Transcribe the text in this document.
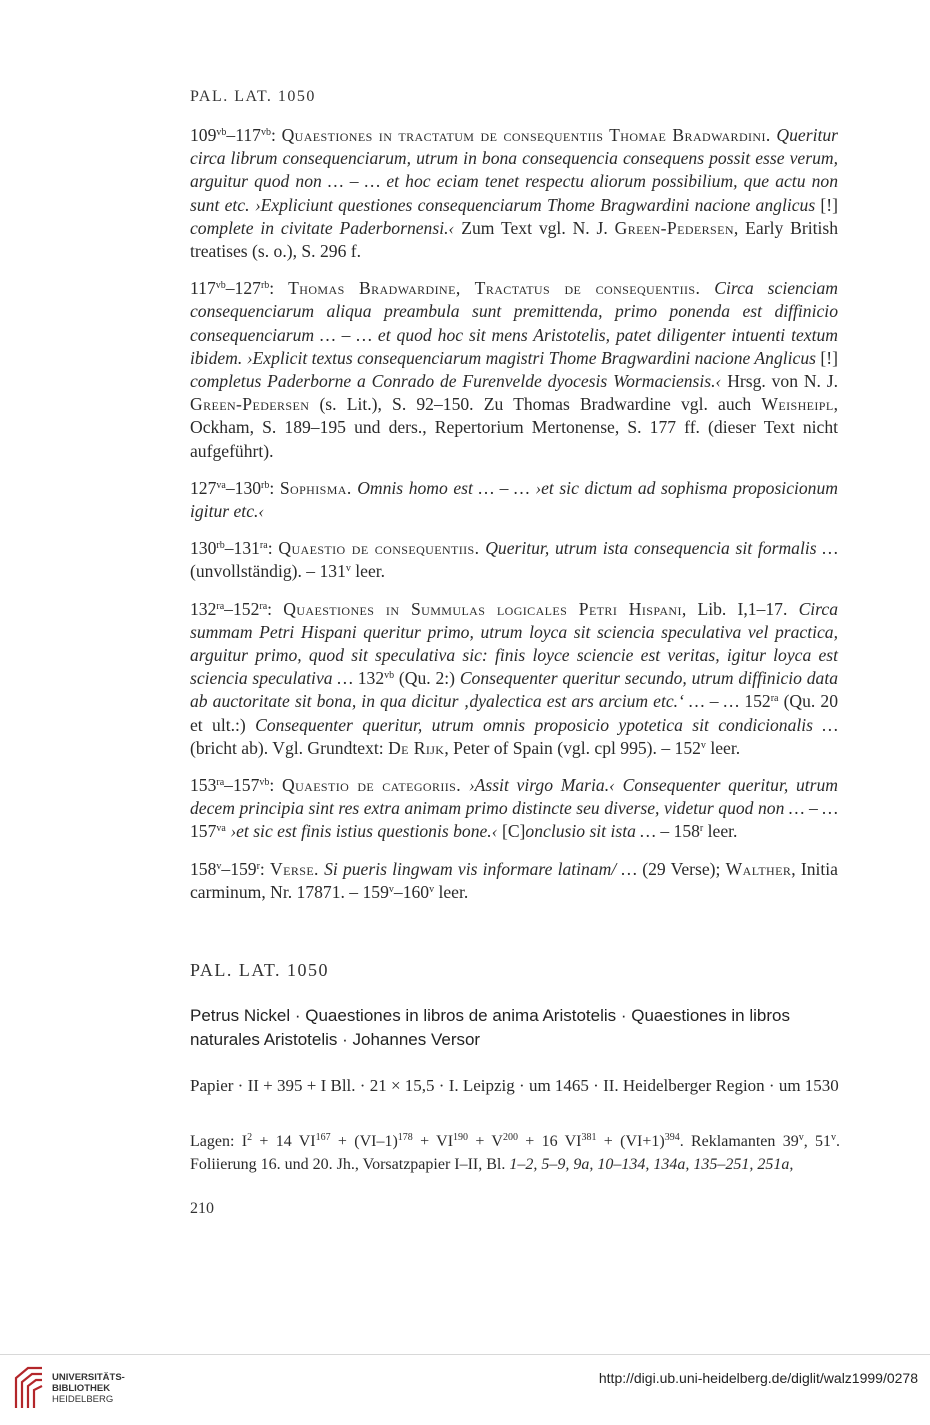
PAL. LAT. 1050

$109^{vb}-117^{vb}$: Quaestiones in tractatum de consequentiis Thomae Bradwardini. Queritur circa librum consequenciarum, utrum in bona consequencia consequens possit esse verum, arguitur quod non … – … et hoc eciam tenet respectu aliorum possibilium, que actu non sunt etc. ›Expliciunt questiones consequenciarum Thome Bragwardini nacione anglicus [!] complete in civitate Paderbornensi.‹ Zum Text vgl. N. J. Green-Pedersen, Early British treatises (s. o.), S. 296 f.

$117^{vb}-127^{rb}$: Thomas Bradwardine, Tractatus de consequentiis. Circa scienciam consequenciarum aliqua preambula sunt premittenda, primo ponenda est diffinicio consequenciarum … – … et quod hoc sit mens Aristotelis, patet diligenter intuenti textum ibidem. ›Explicit textus consequenciarum magistri Thome Bragwardini nacione Anglicus [!] completus Paderborne a Conrado de Furenvelde dyocesis Wormaciensis.‹ Hrsg. von N. J. Green-Pedersen (s. Lit.), S. 92–150. Zu Thomas Bradwardine vgl. auch Weisheipl, Ockham, S. 189–195 und ders., Repertorium Mertonense, S. 177 ff. (dieser Text nicht aufgeführt).

$127^{va}-130^{rb}$: Sophisma. Omnis homo est … – … ›et sic dictum ad sophisma proposicionum igitur etc.‹

$130^{rb}-131^{ra}$: Quaestio de consequentiis. Queritur, utrum ista consequencia sit formalis … (unvollständig). – 131$^v$ leer.

$132^{ra}-152^{ra}$: Quaestiones in Summulas logicales Petri Hispani, Lib. I,1–17. Circa summam Petri Hispani queritur primo, utrum loyca sit sciencia speculativa vel practica, arguitur primo, quod sit speculativa sic: finis loyce sciencie est veritas, igitur loyca est sciencia speculativa … $132^{vb}$ (Qu. 2:) Consequenter queritur secundo, utrum diffinicio data ab auctoritate sit bona, in qua dicitur ‚dyalectica est ars arcium etc.‘ … – … $152^{ra}$ (Qu. 20 et ult.:) Consequenter queritur, utrum omnis proposicio ypotetica sit condicionalis … (bricht ab). Vgl. Grundtext: De Rijk, Peter of Spain (vgl. cpl 995). – 152$^v$ leer.

$153^{ra}-157^{vb}$: Quaestio de categoriis. ›Assit virgo Maria.‹ Consequenter queritur, utrum decem principia sint res extra animam primo distincte seu diverse, videtur quod non … – … $157^{va}$ ›et sic est finis istius questionis bone.‹ [C]onclusio sit ista … – 158$^r$ leer.

158$^v$–159$^r$: Verse. Si pueris lingwam vis informare latinam/ … (29 Verse); Walther, Initia carminum, Nr. 17871. – 159$^v$–160$^v$ leer.

PAL. LAT. 1050
Petrus Nickel · Quaestiones in libros de anima Aristotelis · Quaestiones in libros naturales Aristotelis · Johannes Versor

Papier · II + 395 + I Bll. · 21 × 15,5 · I. Leipzig · um 1465 · II. Heidelberger Region · um 1530

Lagen: $I^2 + 14$ $VI^{167} + (VI-1)^{178} + VI^{190} + V^{200} + 16$ $VI^{381} + (VI+1)^{394}$. Reklamanten 39$^v$, 51$^v$. Foliierung 16. und 20. Jh., Vorsatzpapier I–II, Bl. 1–2, 5–9, 9a, 10–134, 134a, 135–251, 251a,

210
UNIVERSITÄTS-
BIBLIOTHEK
HEIDELBERG
http://digi.ub.uni-heidelberg.de/diglit/walz1999/0278
